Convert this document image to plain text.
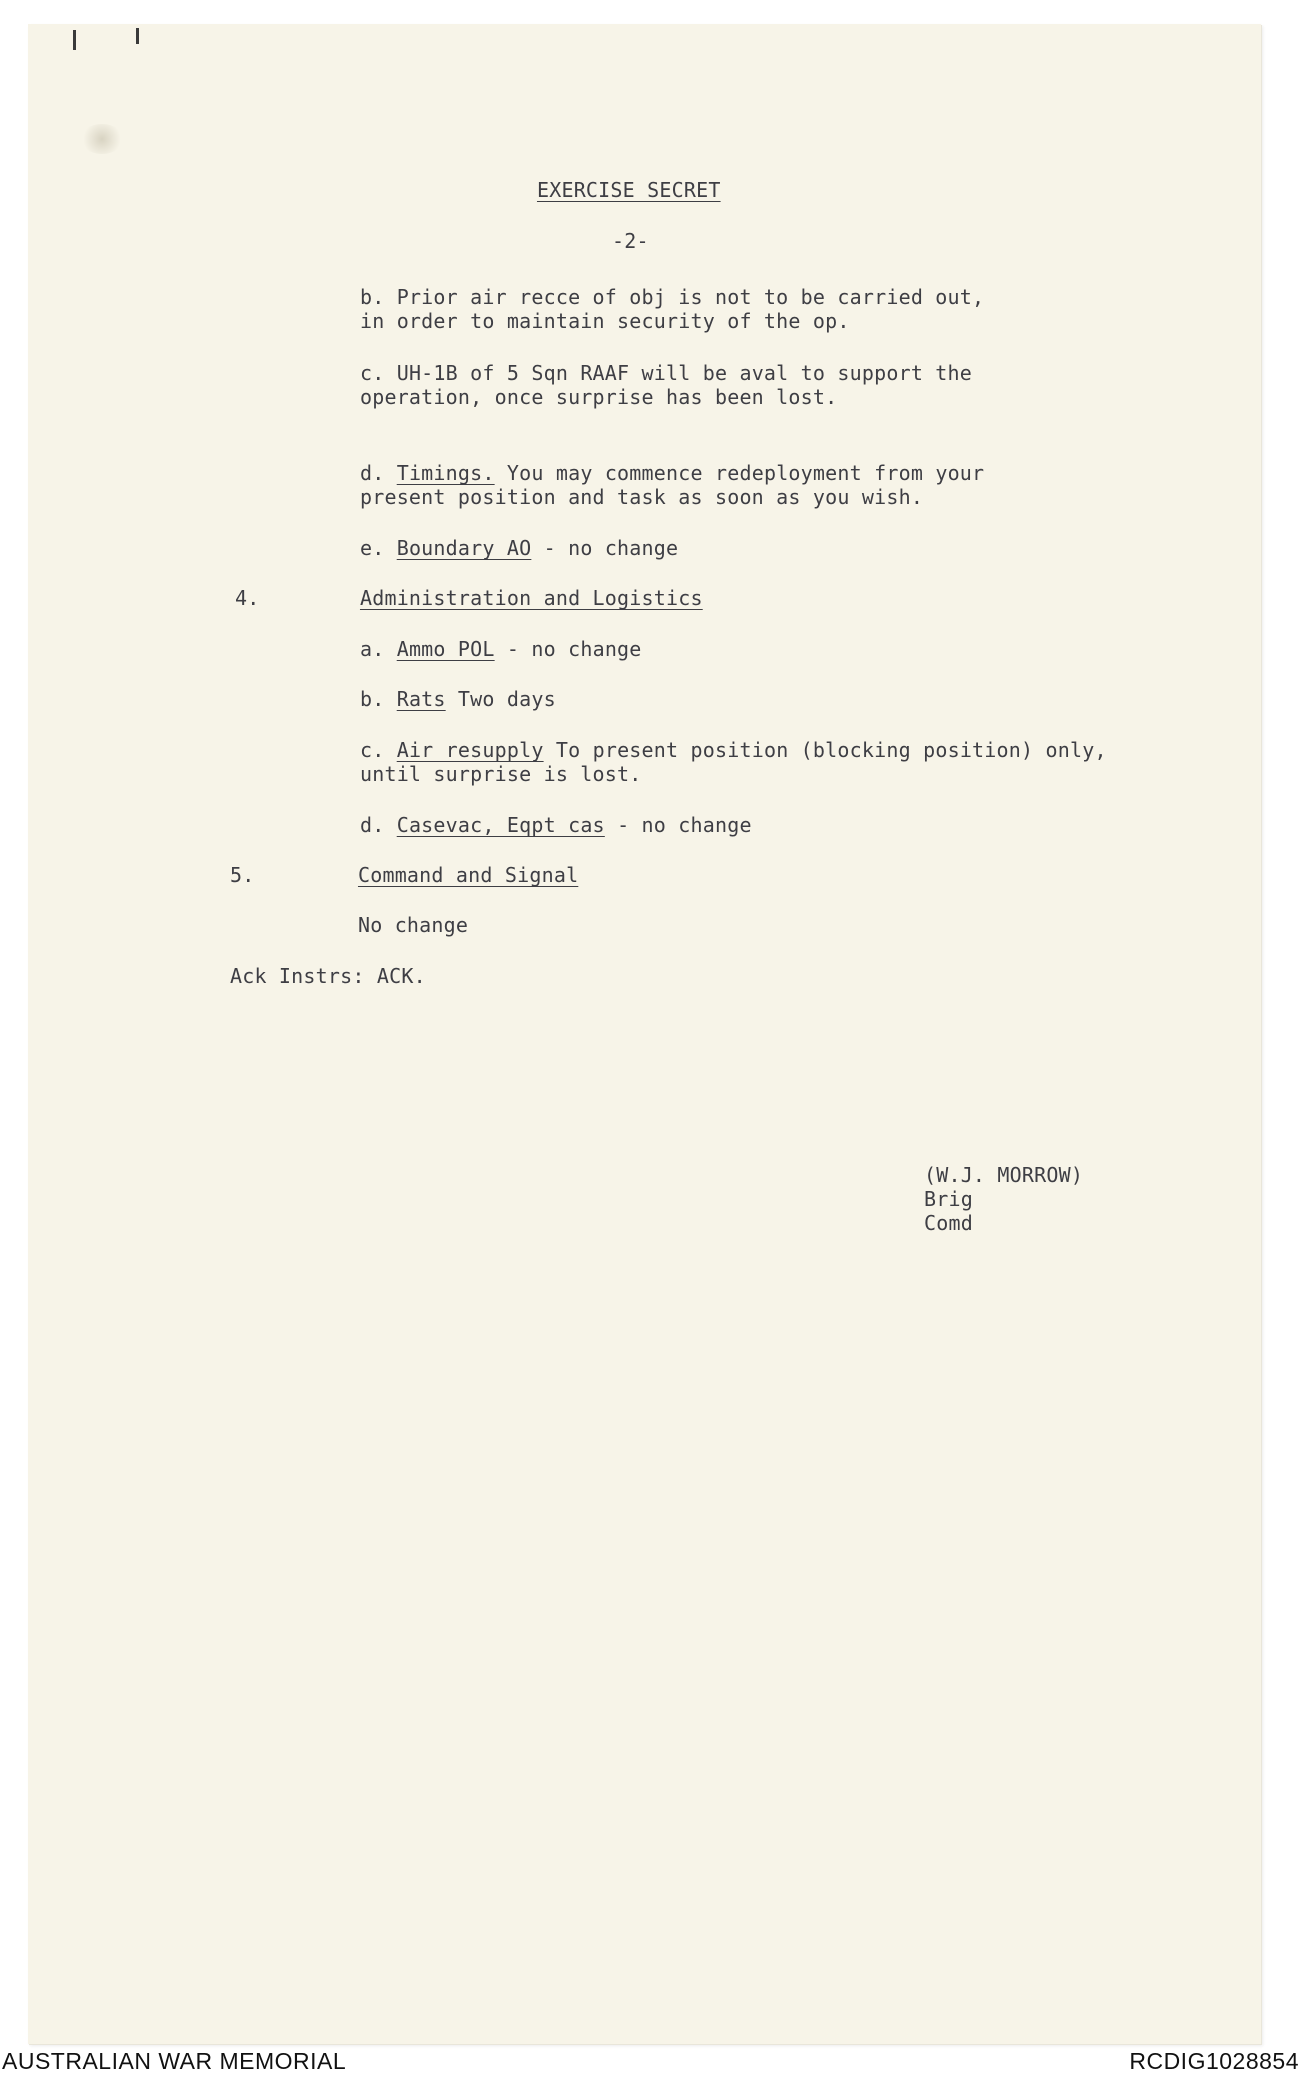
EXERCISE SECRET

-2-

b. Prior air recce of obj is not to be carried out,

in order to maintain security of the op.

c. UH-1B of 5 Sqn RAAF will be aval to support the

operation, once surprise has been lost.

d. Timings. You may commence redeployment from your

present position and task as soon as you wish.

e. Boundary AO - no change

4.
	Administration and Logistics

a. Ammo POL - no change

b. Rats Two days

c. Air resupply To present position (blocking position) only,

until surprise is lost.

d. Casevac, Eqpt cas - no change

5.
	Command and Signal

No change

Ack Instrs: ACK.

(W.J. MORROW)

Brig

Comd

AUSTRALIAN WAR MEMORIAL	RCDIG1028854
